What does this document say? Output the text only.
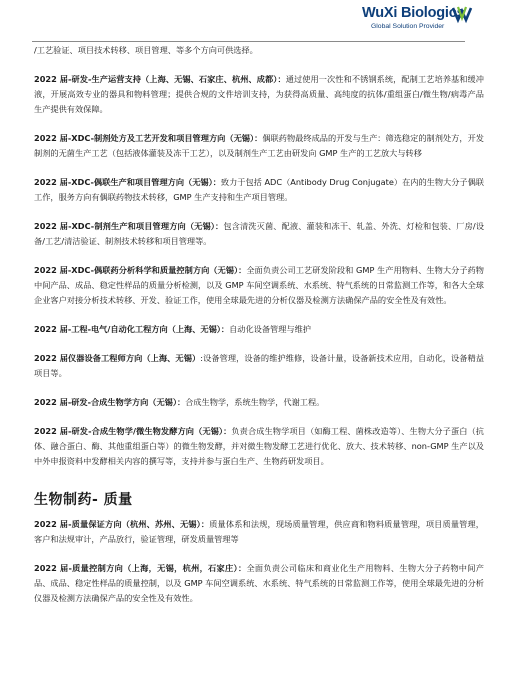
WuXi Biologics
Global Solution Provider

/工艺验证、项目技术转移、项目管理、等多个方向可供选择。

2022 届-研发-生产运营支持（上海、无锡、石家庄、杭州、成都）：通过使用一次性和不锈钢系统，配制工艺培养基和缓冲液，开展高效专业的器具和物料管理；提供合规的文件培训支持，为获得高质量、高纯度的抗体/重组蛋白/微生物/病毒产品生产提供有效保障。

2022 届-XDC-制剂处方及工艺开发和项目管理方向（无锡）：偶联药物最终成品的开发与生产：筛选稳定的制剂处方，开发制剂的无菌生产工艺（包括液体灌装及冻干工艺），以及制剂生产工艺由研发向 GMP 生产的工艺放大与转移

2022 届-XDC-偶联生产和项目管理方向（无锡）：致力于包括 ADC（Antibody Drug Conjugate）在内的生物大分子偶联工作，服务方向有偶联药物技术转移，GMP 生产支持和生产项目管理。

2022 届-XDC-制剂生产和项目管理方向（无锡）：包含清洗灭菌、配液、灌装和冻干、轧盖、外洗、灯检和包装、厂房/设备/工艺/清洁验证、制剂技术转移和项目管理等。

2022 届-XDC-偶联药分析科学和质量控制方向（无锡）：全面负责公司工艺研发阶段和 GMP 生产用物料、生物大分子药物中间产品、成品、稳定性样品的质量分析检测，以及 GMP 车间空调系统、水系统、特气系统的日常监测工作等，和各大全球企业客户对接分析技术转移、开发、验证工作，使用全球最先进的分析仪器及检测方法确保产品的安全性及有效性。

2022 届-工程-电气/自动化工程方向（上海、无锡）：自动化设备管理与维护

2022 届仪器设备工程师方向（上海、无锡）:设备管理，设备的维护维修，设备计量，设备新技术应用，自动化，设备精益项目等。

2022 届-研发-合成生物学方向（无锡）：合成生物学，系统生物学，代谢工程。

2022 届-研发-合成生物学/微生物发酵方向（无锡）：负责合成生物学项目（如酶工程、菌株改造等）、生物大分子蛋白（抗体、融合蛋白、酶、其他重组蛋白等）的微生物发酵，并对微生物发酵工艺进行优化、放大、技术转移、non-GMP 生产以及中外申报资料中发酵相关内容的撰写等，支持并参与蛋白生产、生物药研发项目。

生物制药- 质量

2022 届-质量保证方向（杭州、苏州、无锡）：质量体系和法规，现场质量管理，供应商和物料质量管理，项目质量管理，客户和法规审计，产品放行，验证管理，研发质量管理等

2022 届-质量控制方向（上海，无锡，杭州，石家庄）：全面负责公司临床和商业化生产用物料、生物大分子药物中间产品、成品、稳定性样品的质量控制，以及 GMP 车间空调系统、水系统、特气系统的日常监测工作等，使用全球最先进的分析仪器及检测方法确保产品的安全性及有效性。
